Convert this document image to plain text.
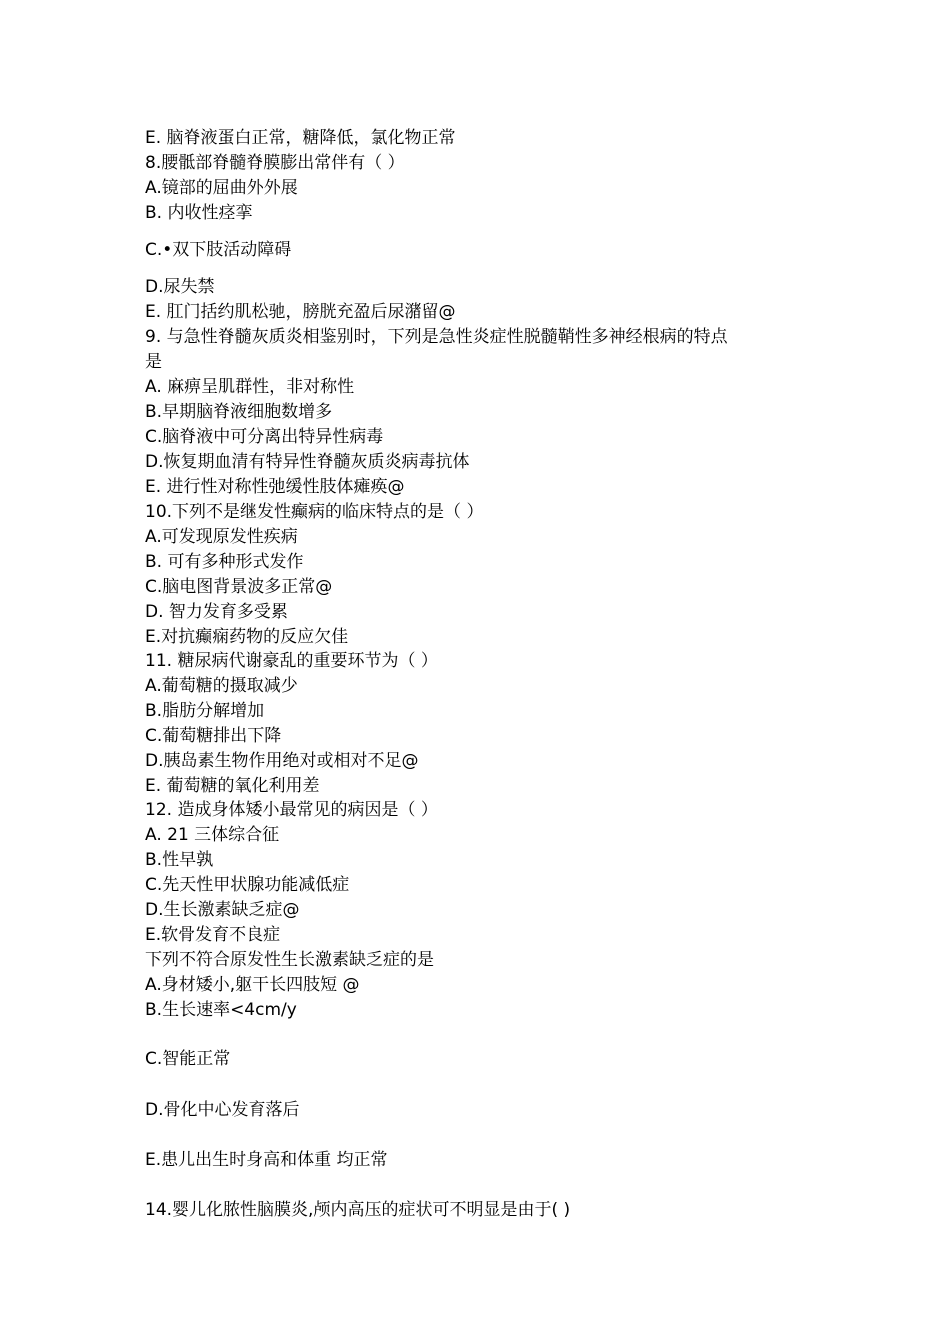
E. 脑脊液蛋白正常，糖降低，氯化物正常
8.腰骶部脊髓脊膜膨出常伴有（ ）
A.镜部的屈曲外外展
B. 内收性痉挛
C.•双下肢活动障碍
D.尿失禁
E. 肛门括约肌松驰，膀胱充盈后尿潴留@
9. 与急性脊髓灰质炎相鉴别时，下列是急性炎症性脱髓鞘性多神经根病的特点
是
A. 麻痹呈肌群性，非对称性
B.早期脑脊液细胞数增多
C.脑脊液中可分离出特异性病毒
D.恢复期血清有特异性脊髓灰质炎病毒抗体
E. 进行性对称性弛缓性肢体瘫痪@
10.下列不是继发性癫病的临床特点的是（ ）
A.可发现原发性疾病
B. 可有多种形式发作
C.脑电图背景波多正常@
D. 智力发育多受累
E.对抗癫痫药物的反应欠佳
11. 糖尿病代谢豪乱的重要环节为（ ）
A.葡萄糖的摄取减少
B.脂肪分解增加
C.葡萄糖排出下降
D.胰岛素生物作用绝对或相对不足@
E. 葡萄糖的氧化利用差
12. 造成身体矮小最常见的病因是（ ）
A. 21 三体综合征
B.性早孰
C.先天性甲状腺功能减低症
D.生长激素缺乏症@
E.软骨发育不良症
下列不符合原发性生长激素缺乏症的是
A.身材矮小,躯干长四肢短 @
B.生长速率<4cm/y
C.智能正常
D.骨化中心发育落后
E.患儿出生时身高和体重 均正常
14.婴儿化脓性脑膜炎,颅内高压的症状可不明显是由于( )
